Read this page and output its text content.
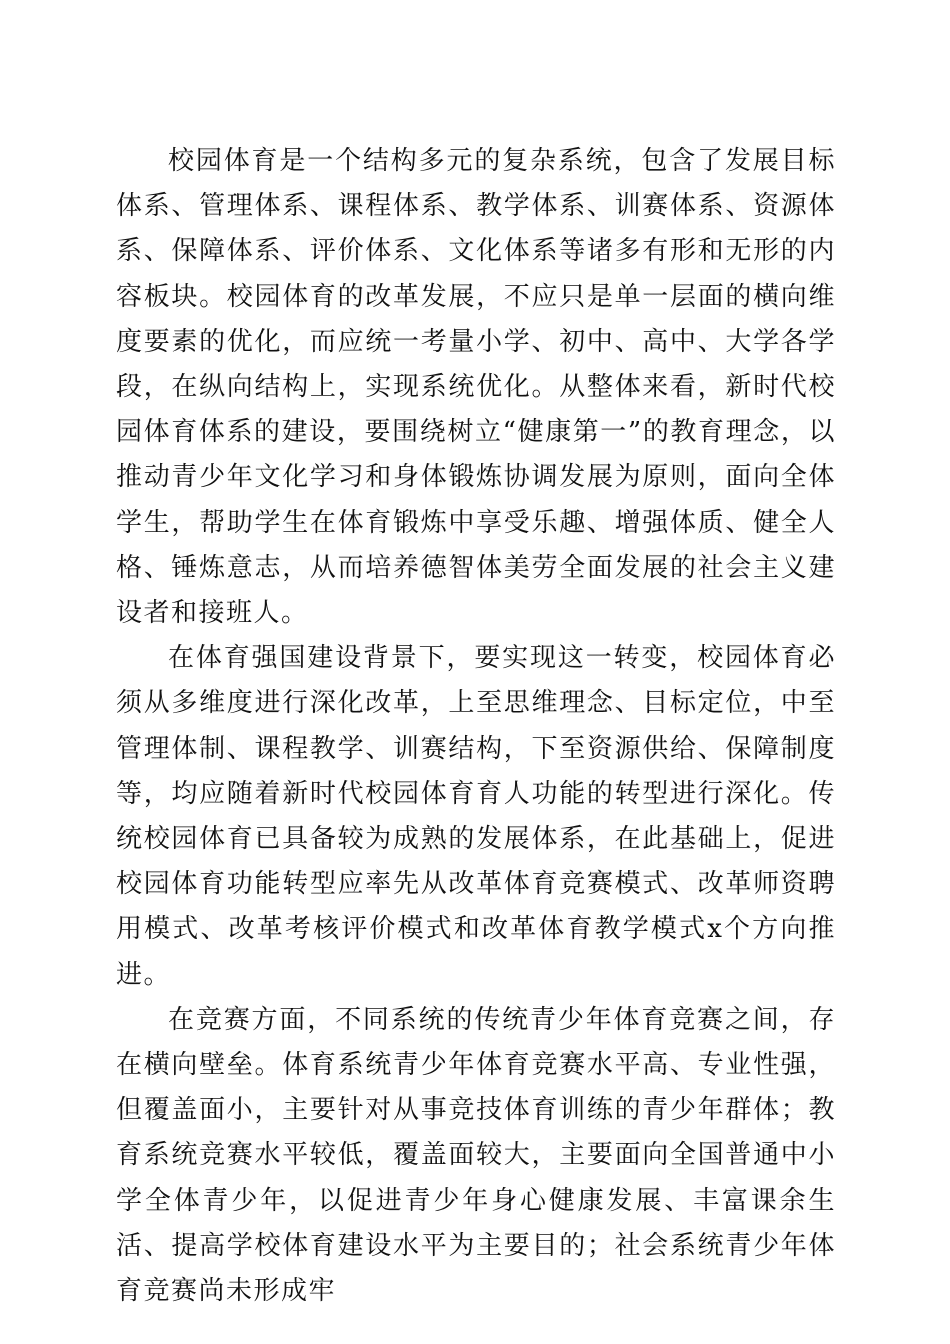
校园体育是一个结构多元的复杂系统，包含了发展目标体系、管理体系、课程体系、教学体系、训赛体系、资源体系、保障体系、评价体系、文化体系等诸多有形和无形的内容板块。校园体育的改革发展，不应只是单一层面的横向维度要素的优化，而应统一考量小学、初中、高中、大学各学段，在纵向结构上，实现系统优化。从整体来看，新时代校园体育体系的建设，要围绕树立“健康第一”的教育理念，以推动青少年文化学习和身体锻炼协调发展为原则，面向全体学生，帮助学生在体育锻炼中享受乐趣、增强体质、健全人格、锤炼意志，从而培养德智体美劳全面发展的社会主义建设者和接班人。

在体育强国建设背景下，要实现这一转变，校园体育必须从多维度进行深化改革，上至思维理念、目标定位，中至管理体制、课程教学、训赛结构，下至资源供给、保障制度等，均应随着新时代校园体育育人功能的转型进行深化。传统校园体育已具备较为成熟的发展体系，在此基础上，促进校园体育功能转型应率先从改革体育竞赛模式、改革师资聘用模式、改革考核评价模式和改革体育教学模式x个方向推进。

在竞赛方面，不同系统的传统青少年体育竞赛之间，存在横向壁垒。体育系统青少年体育竞赛水平高、专业性强，但覆盖面小，主要针对从事竞技体育训练的青少年群体；教育系统竞赛水平较低，覆盖面较大，主要面向全国普通中小学全体青少年，以促进青少年身心健康发展、丰富课余生活、提高学校体育建设水平为主要目的；社会系统青少年体育竞赛尚未形成牢
